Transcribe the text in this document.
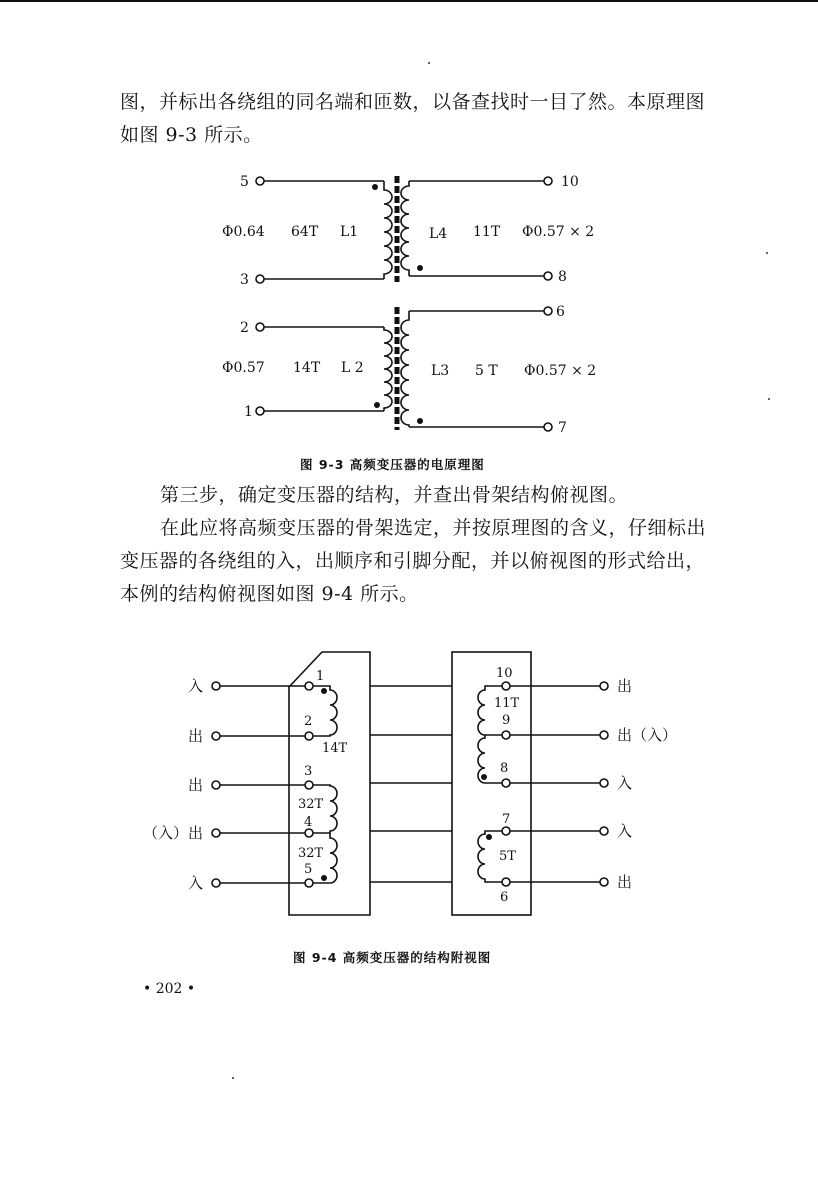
图，并标出各绕组的同名端和匝数，以备查找时一目了然。本原理图如图 9-3 所示。

5
3
10
8
2
1
6
7
Φ0.64 64T L1	L4 11T Φ0.57 × 2
Φ0.57 14T L 2	L3 5 T Φ0.57 × 2
图 9-3 高频变压器的电原理图

第三步，确定变压器的结构，并查出骨架结构俯视图。

在此应将高频变压器的骨架选定，并按原理图的含义，仔细标出变压器的各绕组的入，出顺序和引脚分配，并以俯视图的形式给出，本例的结构俯视图如图 9-4 所示。

入
出
出
（入）出
入
出
出（入）
入
入
出
1
2
3
4
5
10
9
8
7
6
14T
32T
32T
11T
5T
图 9-4 高频变压器的结构附视图
• 202 •
